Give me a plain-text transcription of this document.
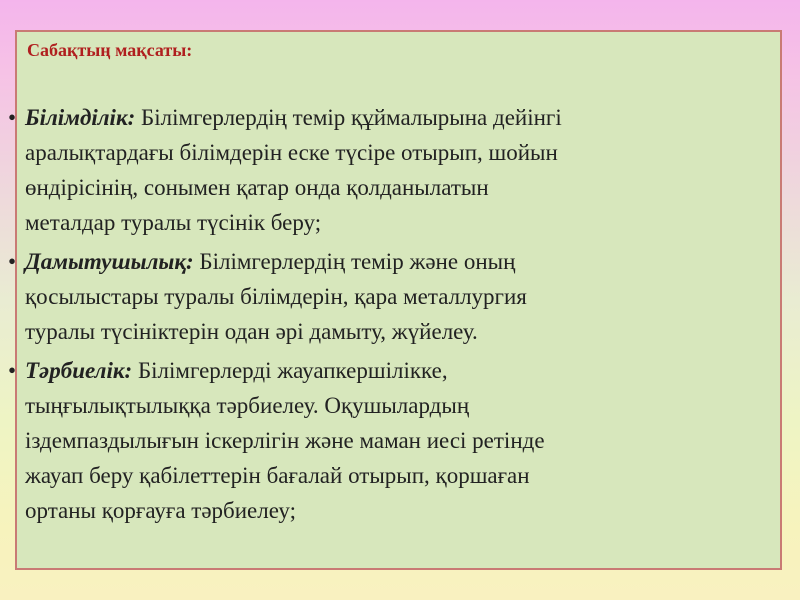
Сабақтың мақсаты:
• Білімділік: Білімгерлердің темір құймалырына дейінгі
аралықтардағы білімдерін еске түсіре отырып, шойын
өндірісінің, сонымен қатар онда қолданылатын
металдар туралы түсінік беру;
• Дамытушылық: Білімгерлердің темір және оның
қосылыстары туралы білімдерін, қара металлургия
туралы түсініктерін одан әрі дамыту, жүйелеу.
• Тәрбиелік: Білімгерлерді жауапкершілікке,
тыңғылықтылыққа тәрбиелеу. Оқушылардың
іздемпаздылығын іскерлігін және маман иесі ретінде
жауап беру қабілеттерін бағалай отырып, қоршаған
ортаны қорғауға тәрбиелеу;
